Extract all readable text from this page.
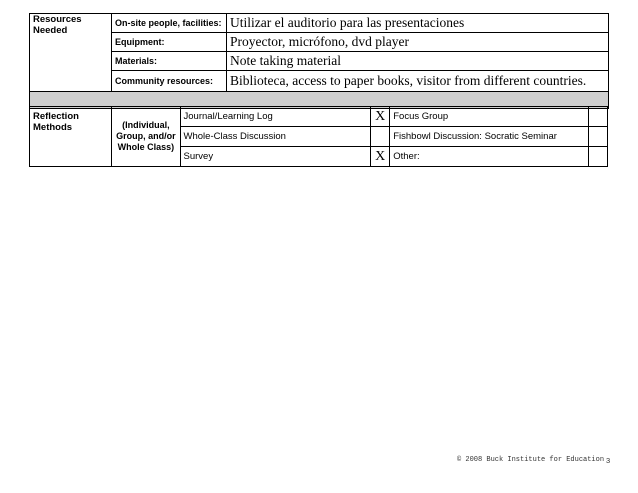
Resources Needed	On-site people, facilities:	Utilizar el auditorio para las presentaciones
	Equipment:	Proyector, micrófono, dvd player
	Materials:	Note taking material
	Community resources:	Biblioteca, access to paper books, visitor from different countries.

Reflection Methods	(Individual, Group, and/or Whole Class)	Journal/Learning Log	X	Focus Group	
		Whole-Class Discussion		Fishbowl Discussion: Socratic Seminar	
		Survey	X	Other:	
© 2008 Buck Institute for Education 3
